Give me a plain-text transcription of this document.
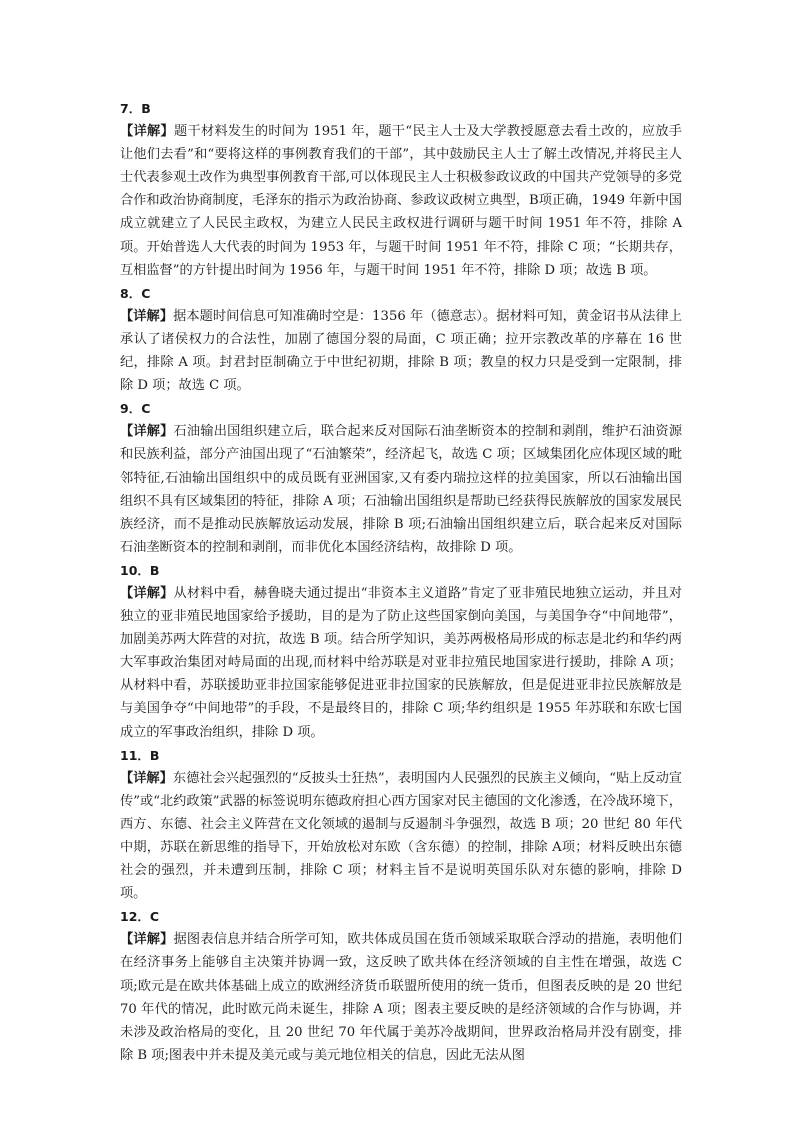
7．B

【详解】题干材料发生的时间为 1951 年，题干“民主人士及大学教授愿意去看土改的，应放手让他们去看”和“要将这样的事例教育我们的干部”，其中鼓励民主人士了解土改情况,并将民主人士代表参观土改作为典型事例教育干部,可以体现民主人士积极参政议政的中国共产党领导的多党合作和政治协商制度，毛泽东的指示为政治协商、参政议政树立典型，B项正确，1949 年新中国成立就建立了人民民主政权，为建立人民民主政权进行调研与题干时间 1951 年不符，排除 A 项。开始普选人大代表的时间为 1953 年，与题干时间 1951 年不符，排除 C 项；“长期共存，互相监督”的方针提出时间为 1956 年，与题干时间 1951 年不符，排除 D 项；故选 B 项。

8．C

【详解】据本题时间信息可知准确时空是：1356 年（德意志）。据材料可知，黄金诏书从法律上承认了诸侯权力的合法性，加剧了德国分裂的局面，C 项正确；拉开宗教改革的序幕在 16 世纪，排除 A 项。封君封臣制确立于中世纪初期，排除 B 项；教皇的权力只是受到一定限制，排除 D 项；故选 C 项。

9．C

【详解】石油输出国组织建立后，联合起来反对国际石油垄断资本的控制和剥削，维护石油资源和民族利益，部分产油国出现了“石油繁荣”，经济起飞，故选 C 项；区域集团化应体现区域的毗邻特征,石油输出国组织中的成员既有亚洲国家,又有委内瑞拉这样的拉美国家，所以石油输出国组织不具有区域集团的特征，排除 A 项；石油输出国组织是帮助已经获得民族解放的国家发展民族经济，而不是推动民族解放运动发展，排除 B 项;石油输出国组织建立后，联合起来反对国际石油垄断资本的控制和剥削，而非优化本国经济结构，故排除 D 项。

10．B

【详解】从材料中看，赫鲁晓夫通过提出“非资本主义道路”肯定了亚非殖民地独立运动，并且对独立的亚非殖民地国家给予援助，目的是为了防止这些国家倒向美国，与美国争夺“中间地带”，加剧美苏两大阵营的对抗，故选 B 项。结合所学知识，美苏两极格局形成的标志是北约和华约两大军事政治集团对峙局面的出现,而材料中给苏联是对亚非拉殖民地国家进行援助，排除 A 项；从材料中看，苏联援助亚非拉国家能够促进亚非拉国家的民族解放，但是促进亚非拉民族解放是与美国争夺“中间地带”的手段，不是最终目的，排除 C 项;华约组织是 1955 年苏联和东欧七国成立的军事政治组织，排除 D 项。

11．B

【详解】东德社会兴起强烈的“反披头士狂热”，表明国内人民强烈的民族主义倾向，“贴上反动宣传”或“北约政策”武器的标签说明东德政府担心西方国家对民主德国的文化渗透，在冷战环境下，西方、东德、社会主义阵营在文化领域的遏制与反遏制斗争强烈，故选 B 项；20 世纪 80 年代中期，苏联在新思维的指导下，开始放松对东欧（含东德）的控制，排除 A项；材料反映出东德社会的强烈，并未遭到压制，排除 C 项；材料主旨不是说明英国乐队对东德的影响，排除 D 项。

12．C

【详解】据图表信息并结合所学可知，欧共体成员国在货币领域采取联合浮动的措施，表明他们在经济事务上能够自主决策并协调一致，这反映了欧共体在经济领域的自主性在增强，故选 C 项;欧元是在欧共体基础上成立的欧洲经济货币联盟所使用的统一货币，但图表反映的是 20 世纪 70 年代的情况，此时欧元尚未诞生，排除 A 项；图表主要反映的是经济领域的合作与协调，并未涉及政治格局的变化，且 20 世纪 70 年代属于美苏冷战期间，世界政治格局并没有剧变，排除 B 项;图表中并未提及美元或与美元地位相关的信息，因此无法从图
